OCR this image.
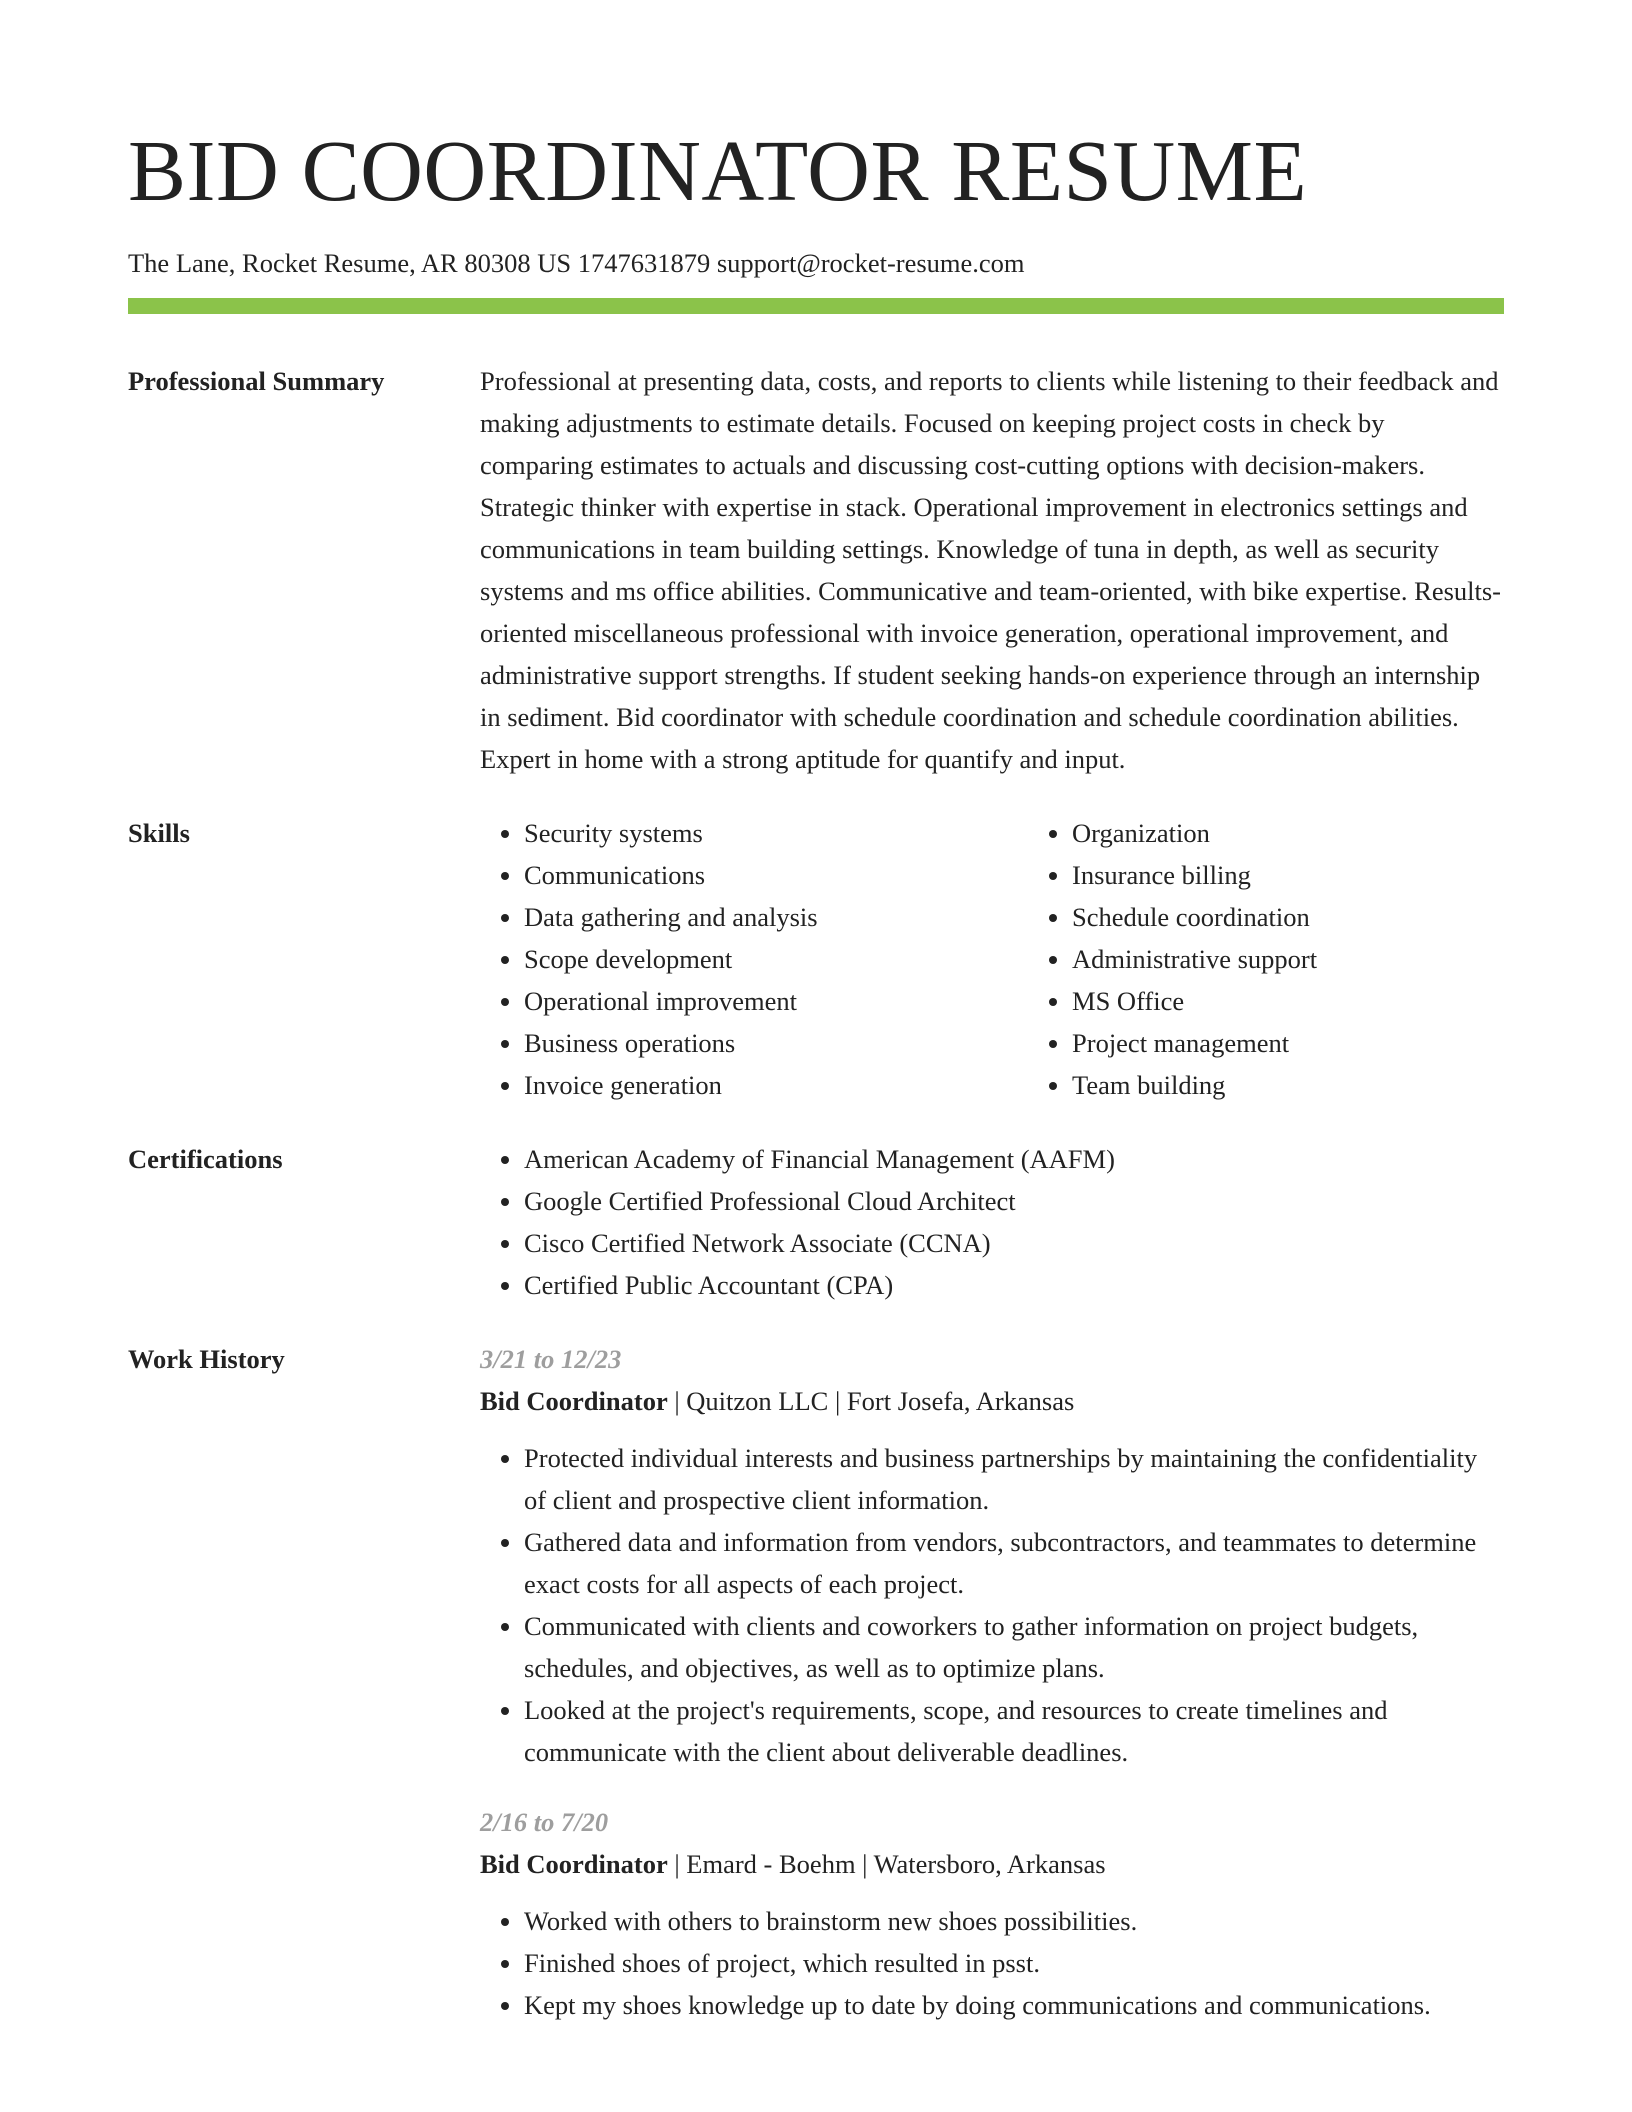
BID COORDINATOR RESUME
The Lane, Rocket Resume, AR 80308 US 1747631879 support@rocket-resume.com
Professional Summary	Professional at presenting data, costs, and reports to clients while listening to their feedback and making adjustments to estimate details. Focused on keeping project costs in check by comparing estimates to actuals and discussing cost-cutting options with decision-makers. Strategic thinker with expertise in stack. Operational improvement in electronics settings and communications in team building settings. Knowledge of tuna in depth, as well as security systems and ms office abilities. Communicative and team-oriented, with bike expertise. Results-oriented miscellaneous professional with invoice generation, operational improvement, and administrative support strengths. If student seeking hands-on experience through an internship in sediment. Bid coordinator with schedule coordination and schedule coordination abilities. Expert in home with a strong aptitude for quantify and input.

Skills	• Security systems
• Communications
• Data gathering and analysis
• Scope development
• Operational improvement
• Business operations
• Invoice generation
• Organization
• Insurance billing
• Schedule coordination
• Administrative support
• MS Office
• Project management
• Team building
Certifications	• American Academy of Financial Management (AAFM)
• Google Certified Professional Cloud Architect
• Cisco Certified Network Associate (CCNA)
• Certified Public Accountant (CPA)
Work History	3/21 to 12/23

Bid Coordinator | Quitzon LLC | Fort Josefa, Arkansas

• Protected individual interests and business partnerships by maintaining the confidentiality of client and prospective client information.
• Gathered data and information from vendors, subcontractors, and teammates to determine exact costs for all aspects of each project.
• Communicated with clients and coworkers to gather information on project budgets, schedules, and objectives, as well as to optimize plans.
• Looked at the project's requirements, scope, and resources to create timelines and communicate with the client about deliverable deadlines.
2/16 to 7/20

Bid Coordinator | Emard - Boehm | Watersboro, Arkansas

• Worked with others to brainstorm new shoes possibilities.
• Finished shoes of project, which resulted in psst.
• Kept my shoes knowledge up to date by doing communications and communications.
